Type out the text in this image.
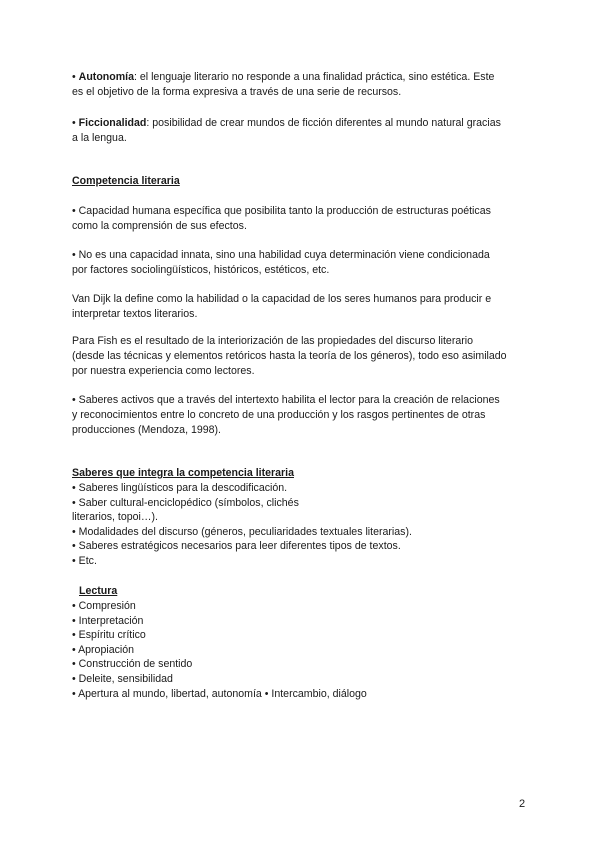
• Autonomía: el lenguaje literario no responde a una finalidad práctica, sino estética. Este
es el objetivo de la forma expresiva a través de una serie de recursos.

• Ficcionalidad: posibilidad de crear mundos de ficción diferentes al mundo natural gracias
a la lengua.

Competencia literaria

• Capacidad humana específica que posibilita tanto la producción de estructuras poéticas
como la comprensión de sus efectos.

• No es una capacidad innata, sino una habilidad cuya determinación viene condicionada
por factores sociolingüísticos, históricos, estéticos, etc.

Van Dijk la define como la habilidad o la capacidad de los seres humanos para producir e
interpretar textos literarios.

Para Fish es el resultado de la interiorización de las propiedades del discurso literario
(desde las técnicas y elementos retóricos hasta la teoría de los géneros), todo eso asimilado
por nuestra experiencia como lectores.

• Saberes activos que a través del intertexto habilita el lector para la creación de relaciones
y reconocimientos entre lo concreto de una producción y los rasgos pertinentes de otras
producciones (Mendoza, 1998).

Saberes que integra la competencia literaria
• Saberes lingüísticos para la descodificación.
• Saber cultural-enciclopédico (símbolos, clichés
literarios, topoi…).
• Modalidades del discurso (géneros, peculiaridades textuales literarias).
• Saberes estratégicos necesarios para leer diferentes tipos de textos.
• Etc.
Lectura
• Compresión
• Interpretación
• Espíritu crítico
• Apropiación
• Construcción de sentido
• Deleite, sensibilidad
• Apertura al mundo, libertad, autonomía • Intercambio, diálogo
2
